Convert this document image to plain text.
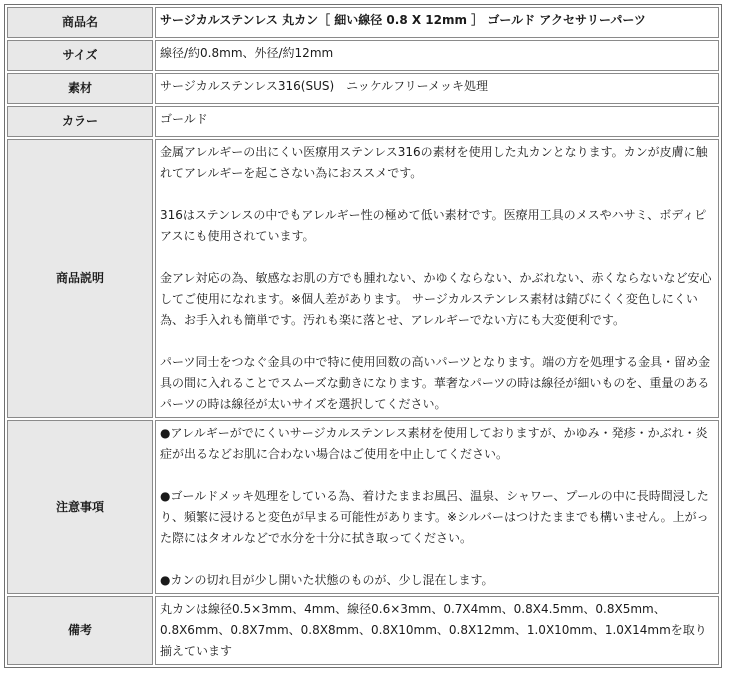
商品名	サージカルステンレス 丸カン［ 細い線径 0.8 X 12mm ］ ゴールド アクセサリーパーツ

サイズ	線径/約0.8mm、外径/約12mm

素材	サージカルステンレス316(SUS)　ニッケルフリーメッキ処理

カラー	ゴールド

商品説明	金属アレルギーの出にくい医療用ステンレス316の素材を使用した丸カンとなります。カンが皮膚に触れてアレルギーを起こさない為におススメです。

316はステンレスの中でもアレルギー性の極めて低い素材です。医療用工具のメスやハサミ、ボディピアスにも使用されています。

金アレ対応の為、敏感なお肌の方でも腫れない、かゆくならない、かぶれない、赤くならないなど安心してご使用になれます。※個人差があります。 サージカルステンレス素材は錆びにくく変色しにくい為、お手入れも簡単です。汚れも楽に落とせ、アレルギーでない方にも大変便利です。

パーツ同士をつなぐ金具の中で特に使用回数の高いパーツとなります。端の方を処理する金具・留め金具の間に入れることでスムーズな動きになります。華奢なパーツの時は線径が細いものを、重量のあるパーツの時は線径が太いサイズを選択してください。

注意事項	●アレルギーがでにくいサージカルステンレス素材を使用しておりますが、かゆみ・発疹・かぶれ・炎症が出るなどお肌に合わない場合はご使用を中止してください。

●ゴールドメッキ処理をしている為、着けたままお風呂、温泉、シャワー、プールの中に長時間浸したり、頻繁に浸けると変色が早まる可能性があります。※シルバーはつけたままでも構いません。上がった際にはタオルなどで水分を十分に拭き取ってください。

●カンの切れ目が少し開いた状態のものが、少し混在します。

備考	丸カンは線径0.5×3mm、4mm、線径0.6×3mm、0.7X4mm、0.8X4.5mm、0.8X5mm、0.8X6mm、0.8X7mm、0.8X8mm、0.8X10mm、0.8X12mm、1.0X10mm、1.0X14mmを取り揃えています
